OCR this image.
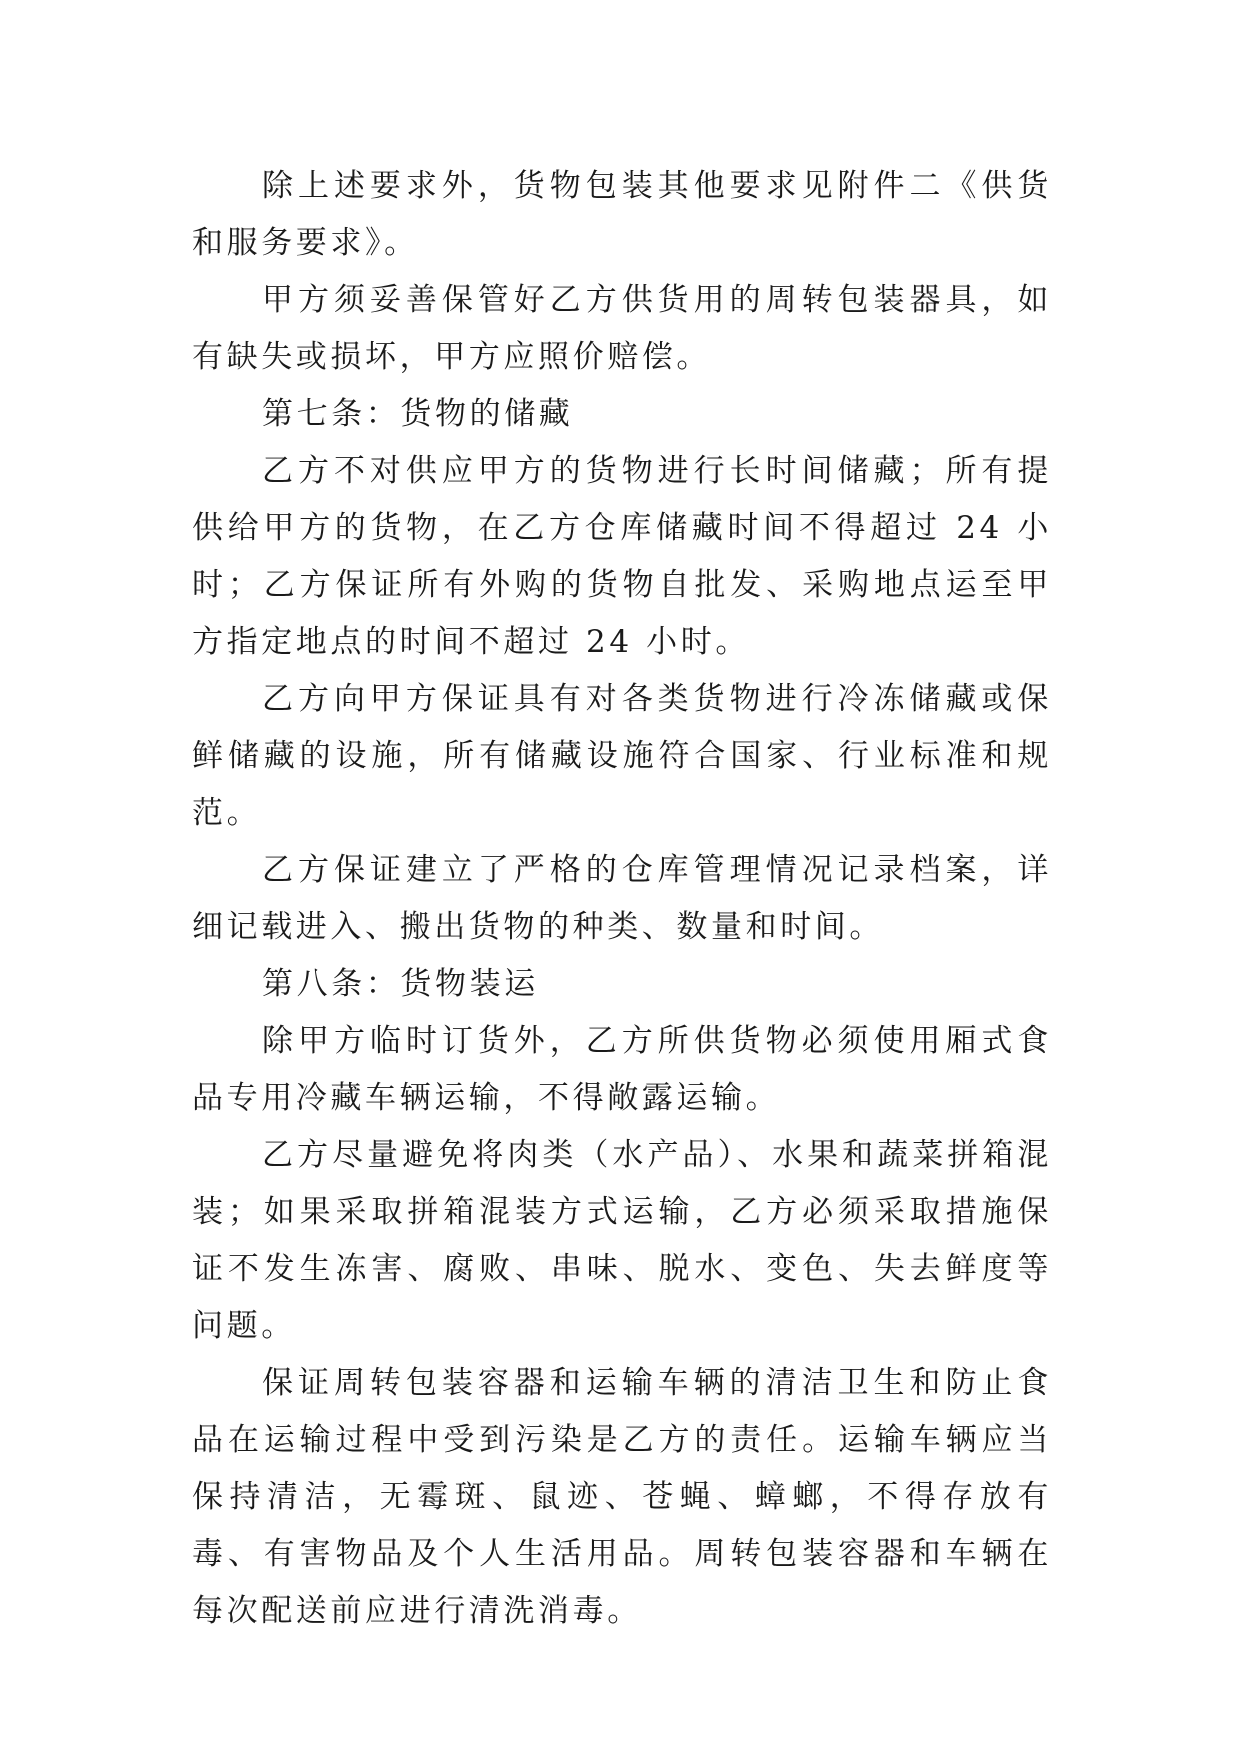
除上述要求外，货物包装其他要求见附件二《供货和服务要求》。

甲方须妥善保管好乙方供货用的周转包装器具，如有缺失或损坏，甲方应照价赔偿。

第七条：货物的储藏

乙方不对供应甲方的货物进行长时间储藏；所有提供给甲方的货物，在乙方仓库储藏时间不得超过 24 小时；乙方保证所有外购的货物自批发、采购地点运至甲方指定地点的时间不超过 24 小时。

乙方向甲方保证具有对各类货物进行冷冻储藏或保鲜储藏的设施，所有储藏设施符合国家、行业标准和规范。

乙方保证建立了严格的仓库管理情况记录档案，详细记载进入、搬出货物的种类、数量和时间。

第八条：货物装运

除甲方临时订货外，乙方所供货物必须使用厢式食品专用冷藏车辆运输，不得敞露运输。

乙方尽量避免将肉类（水产品）、水果和蔬菜拼箱混装；如果采取拼箱混装方式运输，乙方必须采取措施保证不发生冻害、腐败、串味、脱水、变色、失去鲜度等问题。

保证周转包装容器和运输车辆的清洁卫生和防止食品在运输过程中受到污染是乙方的责任。运输车辆应当保持清洁，无霉斑、鼠迹、苍蝇、蟑螂，不得存放有毒、有害物品及个人生活用品。周转包装容器和车辆在每次配送前应进行清洗消毒。
